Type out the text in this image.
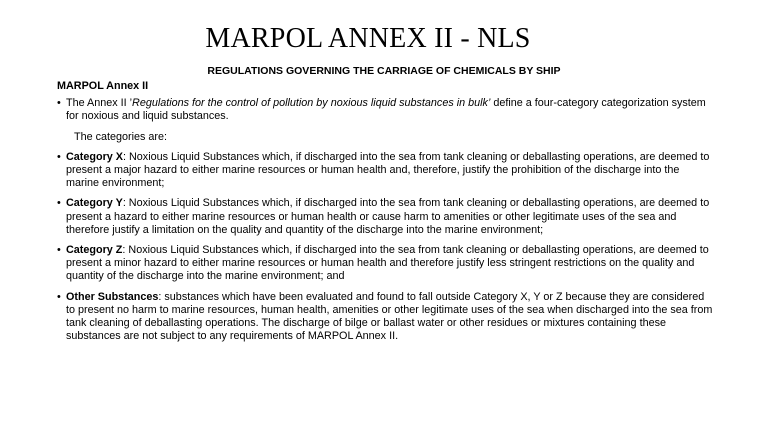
MARPOL ANNEX II - NLS
REGULATIONS GOVERNING THE CARRIAGE OF CHEMICALS BY SHIP
MARPOL Annex II
• The Annex II ’Regulations for the control of pollution by noxious liquid substances in bulk’ define a four-category categorization system for noxious and liquid substances.
The categories are:
• Category X: Noxious Liquid Substances which, if discharged into the sea from tank cleaning or deballasting operations, are deemed to present a major hazard to either marine resources or human health and, therefore, justify the prohibition of the discharge into the marine environment;
• Category Y: Noxious Liquid Substances which, if discharged into the sea from tank cleaning or deballasting operations, are deemed to present a hazard to either marine resources or human health or cause harm to amenities or other legitimate uses of the sea and therefore justify a limitation on the quality and quantity of the discharge into the marine environment;
• Category Z: Noxious Liquid Substances which, if discharged into the sea from tank cleaning or deballasting operations, are deemed to present a minor hazard to either marine resources or human health and therefore justify less stringent restrictions on the quality and quantity of the discharge into the marine environment; and
• Other Substances: substances which have been evaluated and found to fall outside Category X, Y or Z because they are considered to present no harm to marine resources, human health, amenities or other legitimate uses of the sea when discharged into the sea from tank cleaning of deballasting operations. The discharge of bilge or ballast water or other residues or mixtures containing these substances are not subject to any requirements of MARPOL Annex II.
